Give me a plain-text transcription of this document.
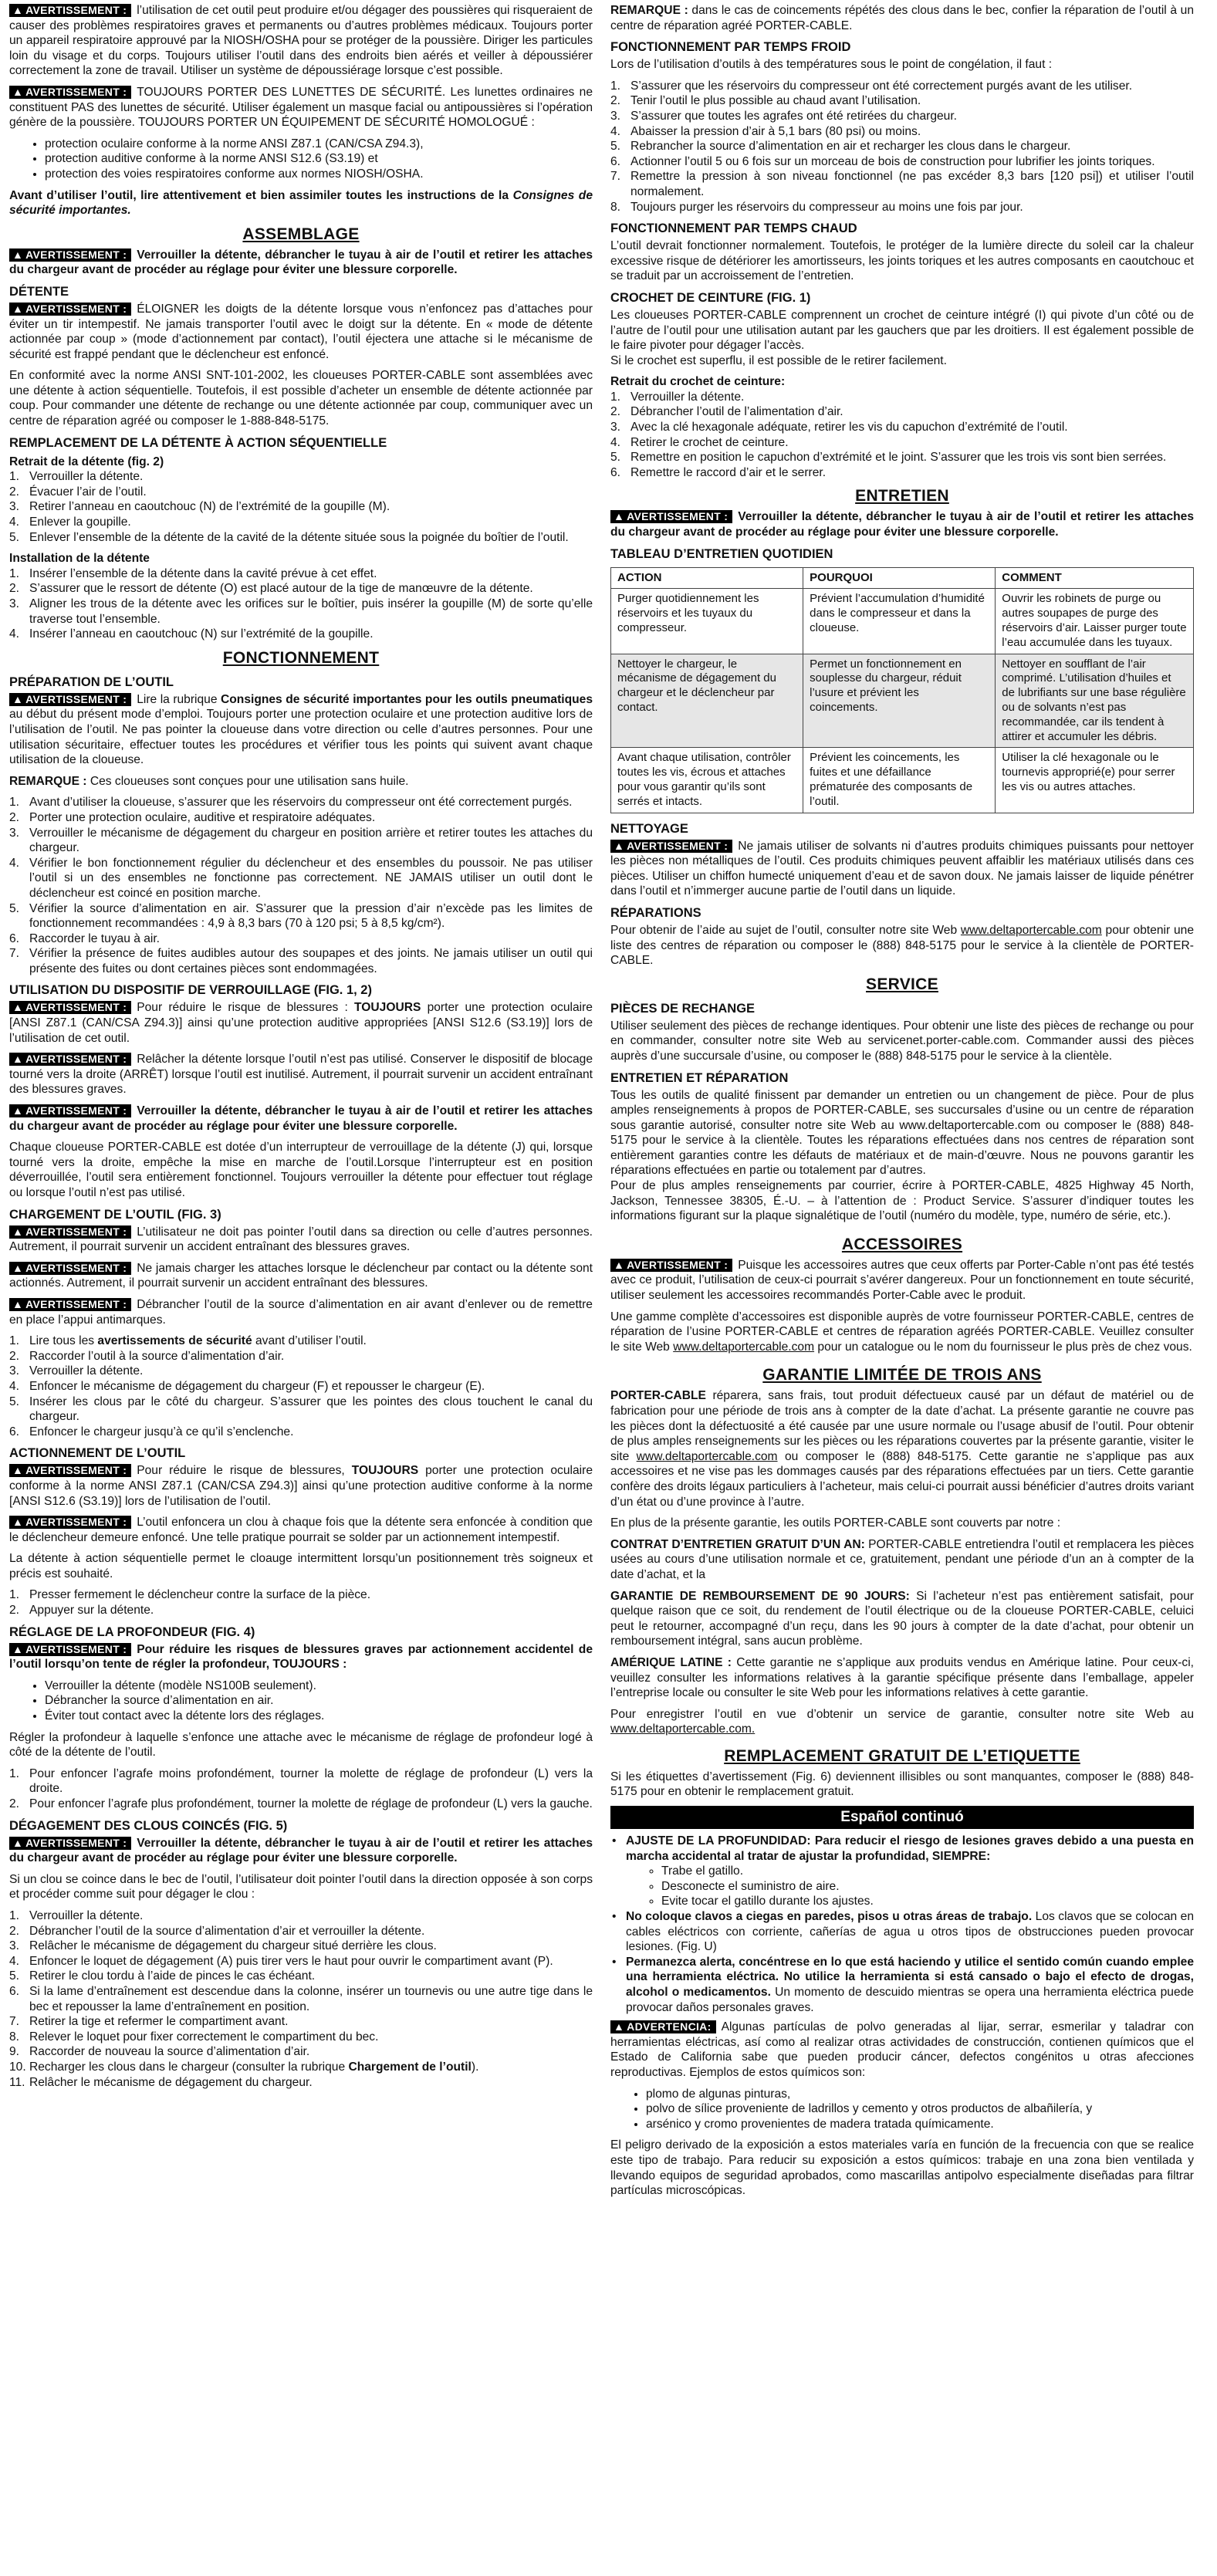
▲ AVERTISSEMENT : l’utilisation de cet outil peut produire et/ou dégager des poussières qui risqueraient de causer des problèmes respiratoires graves et permanents ou d’autres problèmes médicaux. Toujours porter un appareil respiratoire approuvé par la NIOSH/OSHA pour se protéger de la poussière. Diriger les particules loin du visage et du corps. Toujours utiliser l’outil dans des endroits bien aérés et veiller à dépoussiérer correctement la zone de travail. Utiliser un système de dépoussiérage lorsque c’est possible.

▲ AVERTISSEMENT : TOUJOURS PORTER DES LUNETTES DE SÉCURITÉ. Les lunettes ordinaires ne constituent PAS des lunettes de sécurité. Utiliser également un masque facial ou antipoussières si l’opération génère de la poussière. TOUJOURS PORTER UN ÉQUIPEMENT DE SÉCURITÉ HOMOLOGUÉ :

• protection oculaire conforme à la norme ANSI Z87.1 (CAN/CSA Z94.3),
• protection auditive conforme à la norme ANSI S12.6 (S3.19) et
• protection des voies respiratoires conforme aux normes NIOSH/OSHA.

Avant d’utiliser l’outil, lire attentivement et bien assimiler toutes les instructions de la Consignes de sécurité importantes.

ASSEMBLAGE

▲ AVERTISSEMENT : Verrouiller la détente, débrancher le tuyau à air de l’outil et retirer les attaches du chargeur avant de procéder au réglage pour éviter une blessure corporelle.

DÉTENTE

▲ AVERTISSEMENT : ÉLOIGNER les doigts de la détente lorsque vous n’enfoncez pas d’attaches pour éviter un tir intempestif. Ne jamais transporter l’outil avec le doigt sur la détente. En « mode de détente actionnée par coup » (mode d’actionnement par contact), l’outil éjectera une attache si le mécanisme de sécurité est frappé pendant que le déclencheur est enfoncé.

En conformité avec la norme ANSI SNT-101-2002, les cloueuses PORTER-CABLE sont assemblées avec une détente à action séquentielle. Toutefois, il est possible d’acheter un ensemble de détente actionnée par coup. Pour commander une détente de rechange ou une détente actionnée par coup, communiquer avec un centre de réparation agréé ou composer le 1-888-848-5175.

REMPLACEMENT DE LA DÉTENTE À ACTION SÉQUENTIELLE
Retrait de la détente (fig. 2)
1. Verrouiller la détente.
2. Évacuer l’air de l’outil.
3. Retirer l’anneau en caoutchouc (N) de l’extrémité de la goupille (M).
4. Enlever la goupille.
5. Enlever l’ensemble de la détente de la cavité de la détente située sous la poignée du boîtier de l’outil.
Installation de la détente
1. Insérer l’ensemble de la détente dans la cavité prévue à cet effet.
2. S’assurer que le ressort de détente (O) est placé autour de la tige de manœuvre de la détente.
3. Aligner les trous de la détente avec les orifices sur le boîtier, puis insérer la goupille (M) de sorte qu’elle traverse tout l’ensemble.
4. Insérer l’anneau en caoutchouc (N) sur l’extrémité de la goupille.
FONCTIONNEMENT
PRÉPARATION DE L’OUTIL

▲ AVERTISSEMENT : Lire la rubrique Consignes de sécurité importantes pour les outils pneumatiques au début du présent mode d’emploi. Toujours porter une protection oculaire et une protection auditive lors de l’utilisation de l’outil. Ne pas pointer la cloueuse dans votre direction ou celle d’autres personnes. Pour une utilisation sécuritaire, effectuer toutes les procédures et vérifier tous les points qui suivent avant chaque utilisation de la cloueuse.

REMARQUE : Ces cloueuses sont conçues pour une utilisation sans huile.

1. Avant d’utiliser la cloueuse, s’assurer que les réservoirs du compresseur ont été correctement purgés.
2. Porter une protection oculaire, auditive et respiratoire adéquates.
3. Verrouiller le mécanisme de dégagement du chargeur en position arrière et retirer toutes les attaches du chargeur.
4. Vérifier le bon fonctionnement régulier du déclencheur et des ensembles du poussoir. Ne pas utiliser l’outil si un des ensembles ne fonctionne pas correctement. NE JAMAIS utiliser un outil dont le déclencheur est coincé en position marche.
5. Vérifier la source d’alimentation en air. S’assurer que la pression d’air n’excède pas les limites de fonctionnement recommandées : 4,9 à 8,3 bars (70 à 120 psi; 5 à 8,5 kg/cm²).
6. Raccorder le tuyau à air.
7. Vérifier la présence de fuites audibles autour des soupapes et des joints. Ne jamais utiliser un outil qui présente des fuites ou dont certaines pièces sont endommagées.
UTILISATION DU DISPOSITIF DE VERROUILLAGE (FIG. 1, 2)

▲ AVERTISSEMENT : Pour réduire le risque de blessures : TOUJOURS porter une protection oculaire [ANSI Z87.1 (CAN/CSA Z94.3)] ainsi qu’une protection auditive appropriées [ANSI S12.6 (S3.19)] lors de l’utilisation de cet outil.

▲ AVERTISSEMENT : Relâcher la détente lorsque l’outil n’est pas utilisé. Conserver le dispositif de blocage tourné vers la droite (ARRÊT) lorsque l’outil est inutilisé. Autrement, il pourrait survenir un accident entraînant des blessures graves.

▲ AVERTISSEMENT : Verrouiller la détente, débrancher le tuyau à air de l’outil et retirer les attaches du chargeur avant de procéder au réglage pour éviter une blessure corporelle.

Chaque cloueuse PORTER-CABLE est dotée d’un interrupteur de verrouillage de la détente (J) qui, lorsque tourné vers la droite, empêche la mise en marche de l’outil.Lorsque l’interrupteur est en position déverrouillée, l’outil sera entièrement fonctionnel. Toujours verrouiller la détente pour effectuer tout réglage ou lorsque l’outil n’est pas utilisé.

CHARGEMENT DE L’OUTIL (FIG. 3)

▲ AVERTISSEMENT : L’utilisateur ne doit pas pointer l’outil dans sa direction ou celle d’autres personnes. Autrement, il pourrait survenir un accident entraînant des blessures graves.

▲ AVERTISSEMENT : Ne jamais charger les attaches lorsque le déclencheur par contact ou la détente sont actionnés. Autrement, il pourrait survenir un accident entraînant des blessures.

▲ AVERTISSEMENT : Débrancher l’outil de la source d’alimentation en air avant d’enlever ou de remettre en place l’appui antimarques.

1. Lire tous les avertissements de sécurité avant d’utiliser l’outil.
2. Raccorder l’outil à la source d’alimentation d’air.
3. Verrouiller la détente.
4. Enfoncer le mécanisme de dégagement du chargeur (F) et repousser le chargeur (E).
5. Insérer les clous par le côté du chargeur. S’assurer que les pointes des clous touchent le canal du chargeur.
6. Enfoncer le chargeur jusqu’à ce qu’il s’enclenche.
ACTIONNEMENT DE L’OUTIL

▲ AVERTISSEMENT : Pour réduire le risque de blessures, TOUJOURS porter une protection oculaire conforme à la norme ANSI Z87.1 (CAN/CSA Z94.3)] ainsi qu’une protection auditive conforme à la norme [ANSI S12.6 (S3.19)] lors de l’utilisation de l’outil.

▲ AVERTISSEMENT : L’outil enfoncera un clou à chaque fois que la détente sera enfoncée à condition que le déclencheur demeure enfoncé. Une telle pratique pourrait se solder par un actionnement intempestif.

La détente à action séquentielle permet le cloauge intermittent lorsqu’un positionnement très soigneux et précis est souhaité.

1. Presser fermement le déclencheur contre la surface de la pièce.
2. Appuyer sur la détente.
RÉGLAGE DE LA PROFONDEUR (FIG. 4)

▲ AVERTISSEMENT : Pour réduire les risques de blessures graves par actionnement accidentel de l’outil lorsqu’on tente de régler la profondeur, TOUJOURS :

• Verrouiller la détente (modèle NS100B seulement).
• Débrancher la source d’alimentation en air.
• Éviter tout contact avec la détente lors des réglages.

Régler la profondeur à laquelle s’enfonce une attache avec le mécanisme de réglage de profondeur logé à côté de la détente de l’outil.

1. Pour enfoncer l’agrafe moins profondément, tourner la molette de réglage de profondeur (L) vers la droite.
2. Pour enfoncer l’agrafe plus profondément, tourner la molette de réglage de profondeur (L) vers la gauche.
DÉGAGEMENT DES CLOUS COINCÉS (FIG. 5)

▲ AVERTISSEMENT : Verrouiller la détente, débrancher le tuyau à air de l’outil et retirer les attaches du chargeur avant de procéder au réglage pour éviter une blessure corporelle.

Si un clou se coince dans le bec de l’outil, l’utilisateur doit pointer l’outil dans la direction opposée à son corps et procéder comme suit pour dégager le clou :

1. Verrouiller la détente.
2. Débrancher l’outil de la source d’alimentation d’air et verrouiller la détente.
3. Relâcher le mécanisme de dégagement du chargeur situé derrière les clous.
4. Enfoncer le loquet de dégagement (A) puis tirer vers le haut pour ouvrir le compartiment avant (P).
5. Retirer le clou tordu à l’aide de pinces le cas échéant.
6. Si la lame d’entraînement est descendue dans la colonne, insérer un tournevis ou une autre tige dans le bec et repousser la lame d’entraînement en position.
7. Retirer la tige et refermer le compartiment avant.
8. Relever le loquet pour fixer correctement le compartiment du bec.
9. Raccorder de nouveau la source d’alimentation d’air.
10. Recharger les clous dans le chargeur (consulter la rubrique Chargement de l’outil).
11. Relâcher le mécanisme de dégagement du chargeur.

REMARQUE : dans le cas de coincements répétés des clous dans le bec, confier la réparation de l’outil à un centre de réparation agréé PORTER-CABLE.

FONCTIONNEMENT PAR TEMPS FROID

Lors de l’utilisation d’outils à des températures sous le point de congélation, il faut :

1. S’assurer que les réservoirs du compresseur ont été correctement purgés avant de les utiliser.
2. Tenir l’outil le plus possible au chaud avant l’utilisation.
3. S’assurer que toutes les agrafes ont été retirées du chargeur.
4. Abaisser la pression d’air à 5,1 bars (80 psi) ou moins.
5. Rebrancher la source d’alimentation en air et recharger les clous dans le chargeur.
6. Actionner l’outil 5 ou 6 fois sur un morceau de bois de construction pour lubrifier les joints toriques.
7. Remettre la pression à son niveau fonctionnel (ne pas excéder 8,3 bars [120 psi]) et utiliser l’outil normalement.
8. Toujours purger les réservoirs du compresseur au moins une fois par jour.
FONCTIONNEMENT PAR TEMPS CHAUD

L’outil devrait fonctionner normalement. Toutefois, le protéger de la lumière directe du soleil car la chaleur excessive risque de détériorer les amortisseurs, les joints toriques et les autres composants en caoutchouc et se traduit par un accroissement de l’entretien.

CROCHET DE CEINTURE (FIG. 1)

Les cloueuses PORTER-CABLE comprennent un crochet de ceinture intégré (I) qui pivote d’un côté ou de l’autre de l’outil pour une utilisation autant par les gauchers que par les droitiers. Il est également possible de le faire pivoter pour dégager l’accès.

Si le crochet est superflu, il est possible de le retirer facilement.

Retrait du crochet de ceinture:
1. Verrouiller la détente.
2. Débrancher l’outil de l’alimentation d’air.
3. Avec la clé hexagonale adéquate, retirer les vis du capuchon d’extrémité de l’outil.
4. Retirer le crochet de ceinture.
5. Remettre en position le capuchon d’extrémité et le joint. S’assurer que les trois vis sont bien serrées.
6. Remettre le raccord d’air et le serrer.
ENTRETIEN

▲ AVERTISSEMENT : Verrouiller la détente, débrancher le tuyau à air de l’outil et retirer les attaches du chargeur avant de procéder au réglage pour éviter une blessure corporelle.

TABLEAU D’ENTRETIEN QUOTIDIEN
ACTION	POURQUOI	COMMENT
Purger quotidiennement les réservoirs et les tuyaux du compresseur.	Prévient l’accumulation d’humidité dans le compresseur et dans la cloueuse.	Ouvrir les robinets de purge ou autres soupapes de purge des réservoirs d’air. Laisser purger toute l’eau accumulée dans les tuyaux.
Nettoyer le chargeur, le mécanisme de dégagement du chargeur et le déclencheur par contact.	Permet un fonctionnement en souplesse du chargeur, réduit l’usure et prévient les coincements.	Nettoyer en soufflant de l’air comprimé. L’utilisation d’huiles et de lubrifiants sur une base régulière ou de solvants n’est pas recommandée, car ils tendent à attirer et accumuler les débris.
Avant chaque utilisation, contrôler toutes les vis, écrous et attaches pour vous garantir qu’ils sont serrés et intacts.	Prévient les coincements, les fuites et une défaillance prématurée des composants de l’outil.	Utiliser la clé hexagonale ou le tournevis approprié(e) pour serrer les vis ou autres attaches.
NETTOYAGE

▲ AVERTISSEMENT : Ne jamais utiliser de solvants ni d’autres produits chimiques puissants pour nettoyer les pièces non métalliques de l’outil. Ces produits chimiques peuvent affaiblir les matériaux utilisés dans ces pièces. Utiliser un chiffon humecté uniquement d’eau et de savon doux. Ne jamais laisser de liquide pénétrer dans l’outil et n’immerger aucune partie de l’outil dans un liquide.

RÉPARATIONS

Pour obtenir de l’aide au sujet de l’outil, consulter notre site Web www.deltaportercable.com pour obtenir une liste des centres de réparation ou composer le (888) 848-5175 pour le service à la clientèle de PORTER-CABLE.

SERVICE
PIÈCES DE RECHANGE

Utiliser seulement des pièces de rechange identiques. Pour obtenir une liste des pièces de rechange ou pour en commander, consulter notre site Web au servicenet.porter-cable.com. Commander aussi des pièces auprès d’une succursale d’usine, ou composer le (888) 848-5175 pour le service à la clientèle.

ENTRETIEN ET RÉPARATION

Tous les outils de qualité finissent par demander un entretien ou un changement de pièce. Pour de plus amples renseignements à propos de PORTER-CABLE, ses succursales d’usine ou un centre de réparation sous garantie autorisé, consulter notre site Web au www.deltaportercable.com ou composer le (888) 848-5175 pour le service à la clientèle. Toutes les réparations effectuées dans nos centres de réparation sont entièrement garanties contre les défauts de matériaux et de main-d’œuvre. Nous ne pouvons garantir les réparations effectuées en partie ou totalement par d’autres.

Pour de plus amples renseignements par courrier, écrire à PORTER-CABLE, 4825 Highway 45 North, Jackson, Tennessee 38305, É.-U. – à l’attention de : Product Service. S’assurer d’indiquer toutes les informations figurant sur la plaque signalétique de l’outil (numéro du modèle, type, numéro de série, etc.).

ACCESSOIRES

▲ AVERTISSEMENT : Puisque les accessoires autres que ceux offerts par Porter-Cable n’ont pas été testés avec ce produit, l’utilisation de ceux-ci pourrait s’avérer dangereux. Pour un fonctionnement en toute sécurité, utiliser seulement les accessoires recommandés Porter-Cable avec le produit.

Une gamme complète d’accessoires est disponible auprès de votre fournisseur PORTER-CABLE, centres de réparation de l’usine PORTER-CABLE et centres de réparation agréés PORTER-CABLE. Veuillez consulter le site Web www.deltaportercable.com pour un catalogue ou le nom du fournisseur le plus près de chez vous.

GARANTIE LIMITÉE DE TROIS ANS

PORTER-CABLE réparera, sans frais, tout produit défectueux causé par un défaut de matériel ou de fabrication pour une période de trois ans à compter de la date d’achat. La présente garantie ne couvre pas les pièces dont la défectuosité a été causée par une usure normale ou l’usage abusif de l’outil. Pour obtenir de plus amples renseignements sur les pièces ou les réparations couvertes par la présente garantie, visiter le site www.deltaportercable.com ou composer le (888) 848-5175. Cette garantie ne s’applique pas aux accessoires et ne vise pas les dommages causés par des réparations effectuées par un tiers. Cette garantie confère des droits légaux particuliers à l’acheteur, mais celui-ci pourrait aussi bénéficier d’autres droits variant d’un état ou d’une province à l’autre.

En plus de la présente garantie, les outils PORTER-CABLE sont couverts par notre :

CONTRAT D’ENTRETIEN GRATUIT D’UN AN: PORTER-CABLE entretiendra l’outil et remplacera les pièces usées au cours d’une utilisation normale et ce, gratuitement, pendant une période d’un an à compter de la date d’achat, et la

GARANTIE DE REMBOURSEMENT DE 90 JOURS: Si l’acheteur n’est pas entièrement satisfait, pour quelque raison que ce soit, du rendement de l’outil électrique ou de la cloueuse PORTER-CABLE, celuici peut le retourner, accompagné d’un reçu, dans les 90 jours à compter de la date d’achat, pour obtenir un remboursement intégral, sans aucun problème.

AMÉRIQUE LATINE : Cette garantie ne s’applique aux produits vendus en Amérique latine. Pour ceux-ci, veuillez consulter les informations relatives à la garantie spécifique présente dans l’emballage, appeler l’entreprise locale ou consulter le site Web pour les informations relatives à cette garantie.

Pour enregistrer l’outil en vue d’obtenir un service de garantie, consulter notre site Web au www.deltaportercable.com.

REMPLACEMENT GRATUIT DE L’ETIQUETTE

Si les étiquettes d’avertissement (Fig. 6) deviennent illisibles ou sont manquantes, composer le (888) 848-5175 pour en obtenir le remplacement gratuit.

Español continuó
• AJUSTE DE LA PROFUNDIDAD: Para reducir el riesgo de lesiones graves debido a una puesta en marcha accidental al tratar de ajustar la profundidad, SIEMPRE:
◦ Trabe el gatillo.
◦ Desconecte el suministro de aire.
◦ Evite tocar el gatillo durante los ajustes.
• No coloque clavos a ciegas en paredes, pisos u otras áreas de trabajo. Los clavos que se colocan en cables eléctricos con corriente, cañerías de agua u otros tipos de obstrucciones pueden provocar lesiones. (Fig. U)
• Permanezca alerta, concéntrese en lo que está haciendo y utilice el sentido común cuando emplee una herramienta eléctrica. No utilice la herramienta si está cansado o bajo el efecto de drogas, alcohol o medicamentos. Un momento de descuido mientras se opera una herramienta eléctrica puede provocar daños personales graves.

▲ ADVERTENCIA: Algunas partículas de polvo generadas al lijar, serrar, esmerilar y taladrar con herramientas eléctricas, así como al realizar otras actividades de construcción, contienen químicos que el Estado de California sabe que pueden producir cáncer, defectos congénitos u otras afecciones reproductivas. Ejemplos de estos químicos son:

• plomo de algunas pinturas,
• polvo de sílice proveniente de ladrillos y cemento y otros productos de albañilería, y
• arsénico y cromo provenientes de madera tratada químicamente.

El peligro derivado de la exposición a estos materiales varía en función de la frecuencia con que se realice este tipo de trabajo. Para reducir su exposición a estos químicos: trabaje en una zona bien ventilada y llevando equipos de seguridad aprobados, como mascarillas antipolvo especialmente diseñadas para filtrar partículas microscópicas.
